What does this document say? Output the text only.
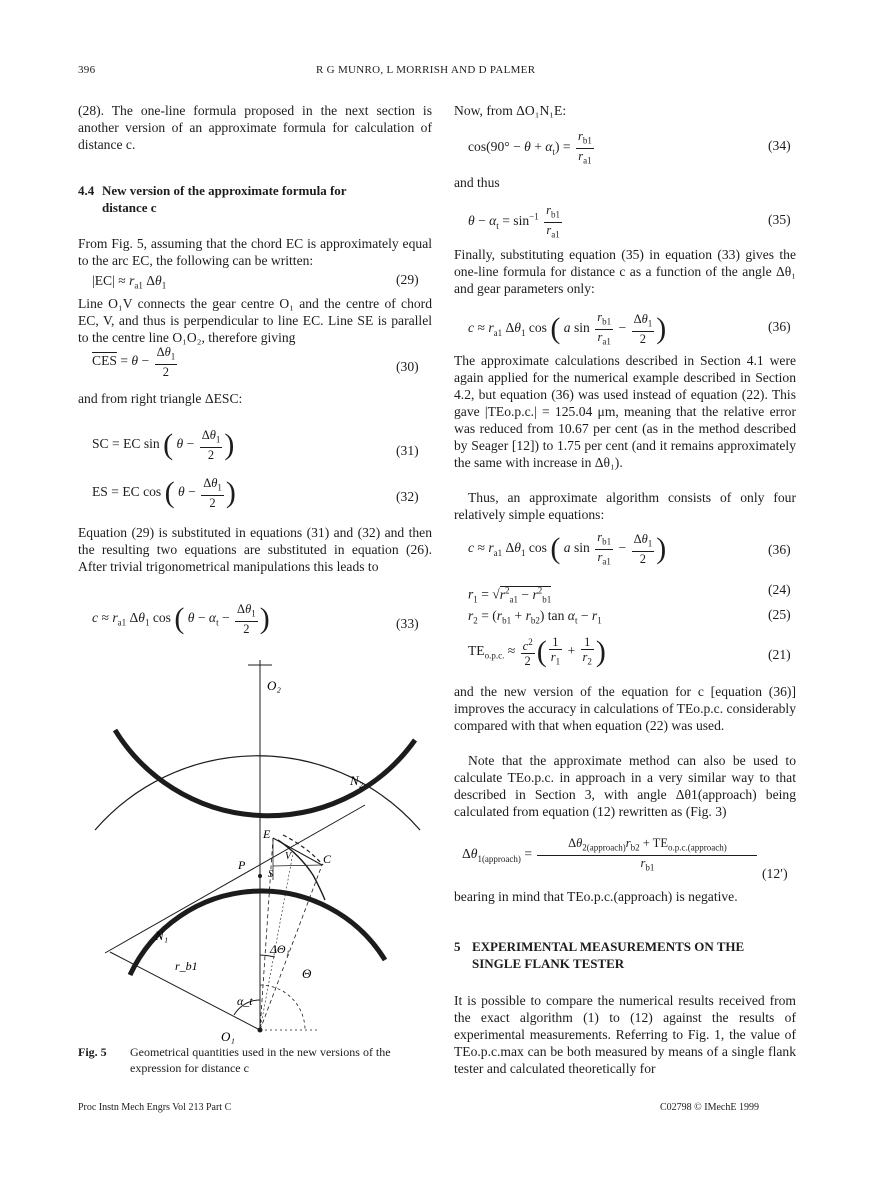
396	R G MUNRO, L MORRISH AND D PALMER

(28). The one-line formula proposed in the next section is another version of an approximate formula for calculation of distance c.

4.4 New version of the approximate formula for
distance c

From Fig. 5, assuming that the chord EC is approximately equal to the arc EC, the following can be written:

$|EC| \approx r_{a1}$ $\Delta\theta_1$	(29)

Line O₁V connects the gear centre O₁ and the centre of chord EC, V, and thus is perpendicular to line EC. Line SE is parallel to the centre line O₁O₂, therefore giving

$\overline{CES} = \theta - \frac{\Delta\theta_1}{2}$	(30)

and from right triangle ΔESC:

SC = EC sin ( $\theta - \frac{\Delta\theta_1}{2}$ )	(31)
ES = EC cos ( $\theta - \frac{\Delta\theta_1}{2}$ )	(32)

Equation (29) is substituted in equations (31) and (32) and then the resulting two equations are substituted in equation (26). After trivial trigonometrical manipulations this leads to

$c \approx r_{a1}$ $\Delta\theta_1$ cos ( $\theta - \alpha_t - \frac{\Delta\theta_1}{2}$ )	(33)
O₂
N₂
E
V	C
P
S
N₁
r_b1
ΔΘ₁
Θ
α_t
O₁
Fig. 5 Geometrical quantities used in the new versions of the
expression for distance c

Now, from ΔO₁N₁E:

$\cos(90^\circ - \theta + \alpha_t) = \frac{r_{b1}}{r_{a1}}$	(34)

and thus

$\theta - \alpha_t = \sin^{-1} \frac{r_{b1}}{r_{a1}}$	(35)

Finally, substituting equation (35) in equation (33) gives the one-line formula for distance c as a function of the angle Δθ₁ and gear parameters only:

$c \approx r_{a1}$ $\Delta\theta_1$ cos ( a $\sin \frac{r_{b1}}{r_{a1}} - \frac{\Delta\theta_1}{2}$ )	(36)

The approximate calculations described in Section 4.1 were again applied for the numerical example described in Section 4.2, but equation (36) was used instead of equation (22). This gave |TEo.p.c.| = 125.04 μm, meaning that the relative error was reduced from 10.67 per cent (as in the method described by Seager [12]) to 1.75 per cent (and it remains approximately the same with increase in Δθ₁).

Thus, an approximate algorithm consists of only four relatively simple equations:

$c \approx r_{a1}$ $\Delta\theta_1$ cos ( a $\sin \frac{r_{b1}}{r_{a1}} - \frac{\Delta\theta_1}{2}$ )	(36)
$r_1 = √r^2_{a1} - r^2_{b1}$
(24)
$r_2 = (r_{b1} + r_{b2})$ $\tan \alpha_t - r_1$	(25)
$TE_{o.p.c.} \approx \frac{c^2}{2}$ ( $\frac{1}{r_1} + \frac{1}{r_2}$ )	(21)

and the new version of the equation for c [equation (36)] improves the accuracy in calculations of TEo.p.c. considerably compared with that when equation (22) was used.

Note that the approximate method can also be used to calculate TEo.p.c. in approach in a very similar way to that described in Section 3, with angle Δθ1(approach) being calculated from equation (12) rewritten as (Fig. 3)

$\Delta\theta_{1(approach)} = \frac{\Delta\theta_{2(approach)}r_{b2} + TE_{o.p.c.(approach)}}{r_{b1}} (12')$

bearing in mind that TEo.p.c.(approach) is negative.

5 EXPERIMENTAL MEASUREMENTS ON THE
SINGLE FLANK TESTER

It is possible to compare the numerical results received from the exact algorithm (1) to (12) against the results of experimental measurements. Referring to Fig. 1, the value of TEo.p.c.max can be both measured by means of a single flank tester and calculated theoretically for

Proc Instn Mech Engrs Vol 213 Part C	C02798 © IMechE 1999
